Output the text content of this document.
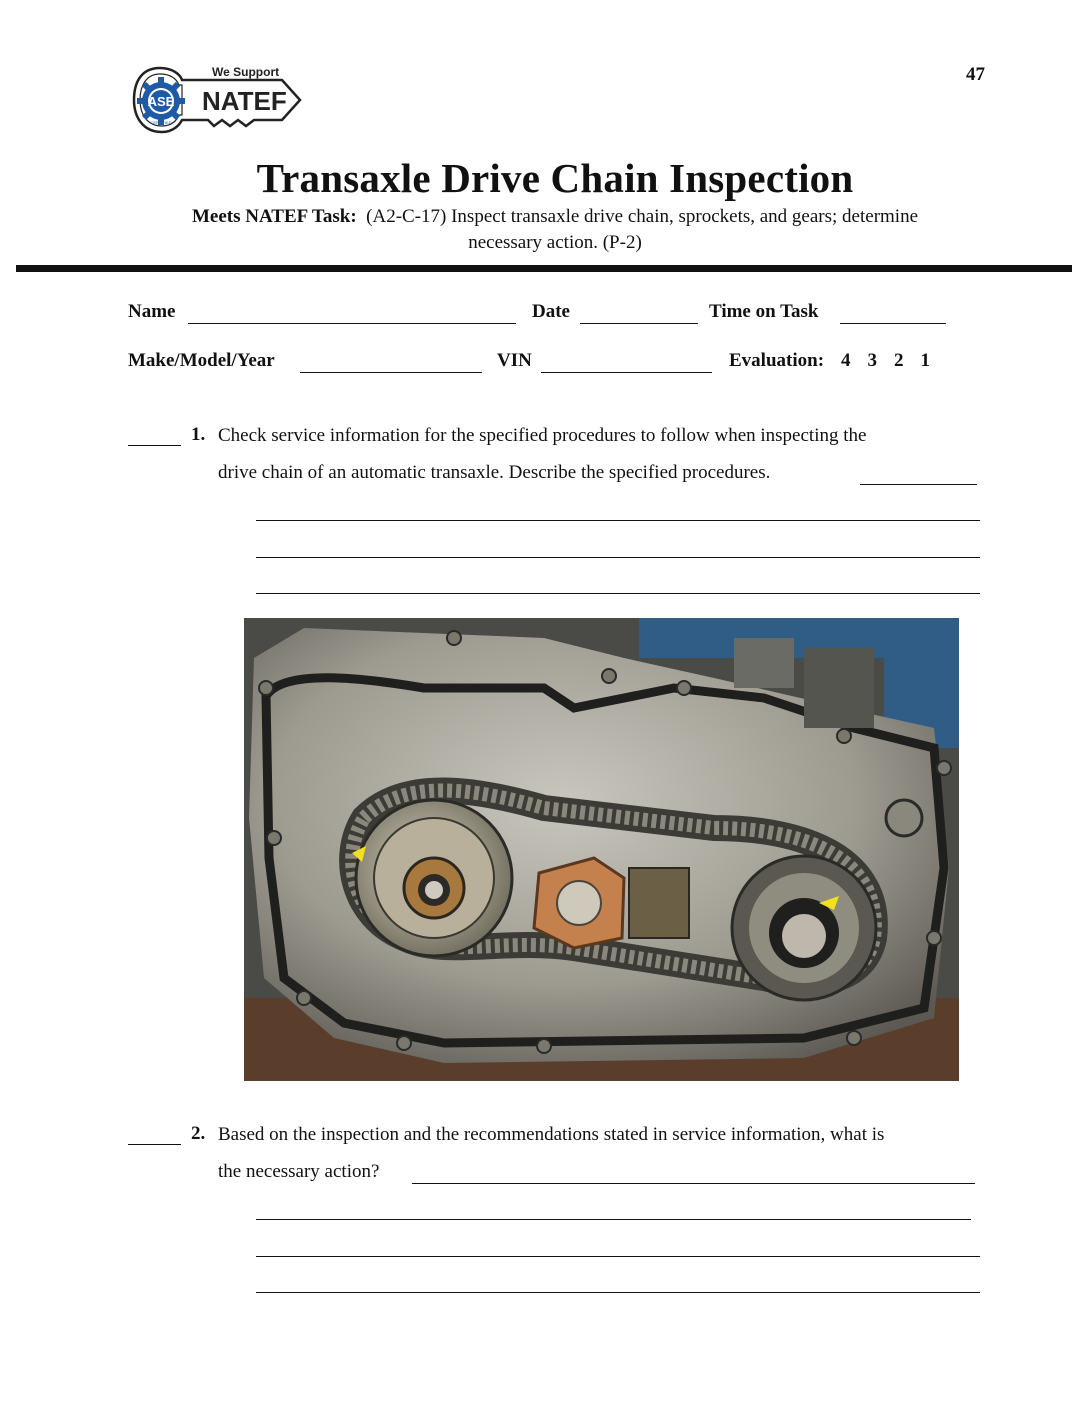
47
ASE
CERTIFIED
We Support
NATEF
Transaxle Drive Chain Inspection
Meets NATEF Task: (A2-C-17) Inspect transaxle drive chain, sprockets, and gears; determine
necessary action. (P-2)
Name	Date	Time on Task
Make/Model/Year	VIN	Evaluation: 4 3 2 1
1. Check service information for the specified procedures to follow when inspecting the
drive chain of an automatic transaxle. Describe the specified procedures.
2. Based on the inspection and the recommendations stated in service information, what is
the necessary action?
